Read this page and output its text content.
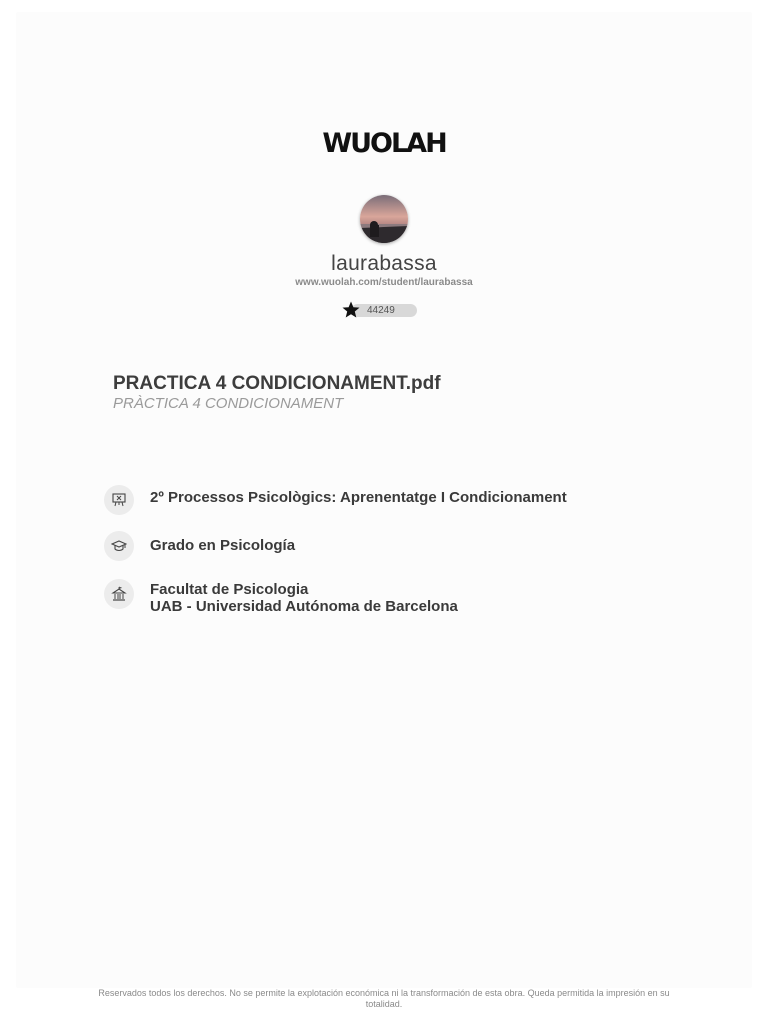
WUOLAH
laurabassa
www.wuolah.com/student/laurabassa
44249
PRACTICA 4 CONDICIONAMENT.pdf
PRÀCTICA 4 CONDICIONAMENT
2º Processos Psicològics: Aprenentatge I Condicionament
Grado en Psicología
Facultat de Psicologia
UAB - Universidad Autónoma de Barcelona
Reservados todos los derechos. No se permite la explotación económica ni la transformación de esta obra. Queda permitida la impresión en su
totalidad.
